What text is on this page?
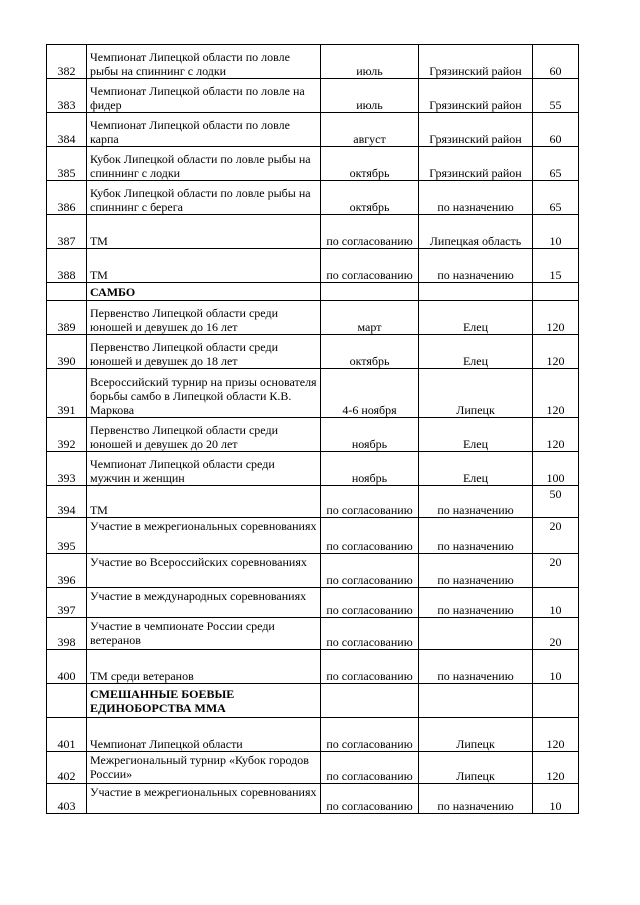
382	Чемпионат Липецкой области по ловле рыбы на спиннинг с лодки	июль	Грязинский район	60
383	Чемпионат Липецкой области по ловле на фидер	июль	Грязинский район	55
384	Чемпионат Липецкой области по ловле карпа	август	Грязинский район	60
385	Кубок Липецкой области по ловле рыбы на спиннинг с лодки	октябрь	Грязинский район	65
386	Кубок Липецкой области по ловле рыбы на спиннинг с берега	октябрь	по назначению	65
387	ТМ	по согласованию	Липецкая область	10
388	ТМ	по согласованию	по назначению	15
	САМБО			
389	Первенство Липецкой области среди юношей и девушек до 16 лет	март	Елец	120
390	Первенство Липецкой области среди юношей и девушек до 18 лет	октябрь	Елец	120
391	Всероссийский турнир на призы основателя борьбы самбо в Липецкой области К.В. Маркова	4-6 ноября	Липецк	120
392	Первенство Липецкой области среди юношей и девушек до 20 лет	ноябрь	Елец	120
393	Чемпионат Липецкой области среди мужчин и женщин	ноябрь	Елец	100
394	ТМ	по согласованию	по назначению	50
395	Участие в межрегиональных соревнованиях	по согласованию	по назначению	20
396	Участие во Всероссийских соревнованиях	по согласованию	по назначению	20
397	Участие в международных соревнованиях	по согласованию	по назначению	10
398	Участие в чемпионате России среди ветеранов	по согласованию		20
400	ТМ среди ветеранов	по согласованию	по назначению	10
	СМЕШАННЫЕ БОЕВЫЕ ЕДИНОБОРСТВА ММА			
401	Чемпионат Липецкой области	по согласованию	Липецк	120
402	Межрегиональный турнир «Кубок городов России»	по согласованию	Липецк	120
403	Участие в межрегиональных соревнованиях	по согласованию	по назначению	10
